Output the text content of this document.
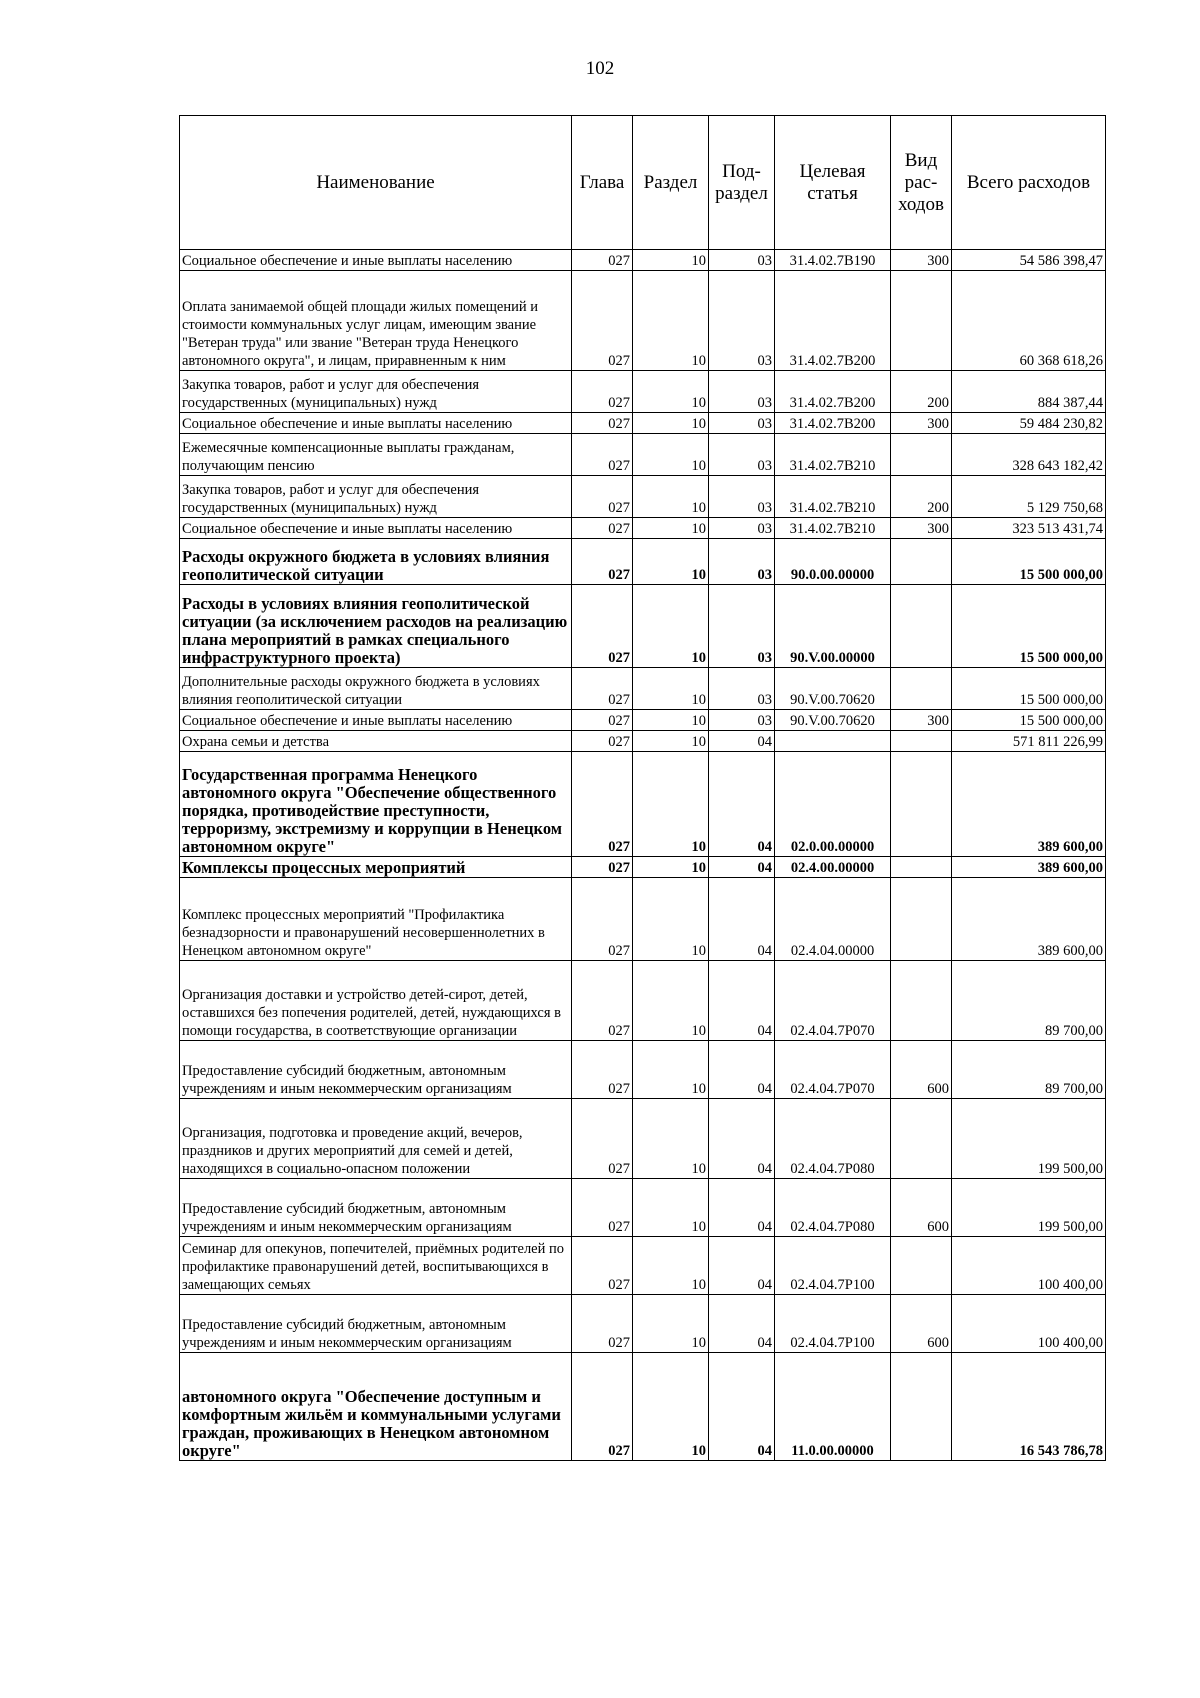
102
Наименование	Глава	Раздел	Под-раздел	Целевая статья	Вид рас-ходов	Всего расходов
Социальное обеспечение и иные выплаты населению	027	10	03	31.4.02.7В190	300	54 586 398,47
Оплата занимаемой общей площади жилых помещений и стоимости коммунальных услуг лицам, имеющим звание "Ветеран труда" или звание "Ветеран труда Ненецкого автономного округа", и лицам, приравненным к ним	027	10	03	31.4.02.7В200		60 368 618,26
Закупка товаров, работ и услуг для обеспечения государственных (муниципальных) нужд	027	10	03	31.4.02.7В200	200	884 387,44
Социальное обеспечение и иные выплаты населению	027	10	03	31.4.02.7В200	300	59 484 230,82
Ежемесячные компенсационные выплаты гражданам, получающим пенсию	027	10	03	31.4.02.7В210		328 643 182,42
Закупка товаров, работ и услуг для обеспечения государственных (муниципальных) нужд	027	10	03	31.4.02.7В210	200	5 129 750,68
Социальное обеспечение и иные выплаты населению	027	10	03	31.4.02.7В210	300	323 513 431,74
Расходы окружного бюджета в условиях влияния геополитической ситуации	027	10	03	90.0.00.00000		15 500 000,00
Расходы в условиях влияния геополитической ситуации (за исключением расходов на реализацию плана мероприятий в рамках специального инфраструктурного проекта)	027	10	03	90.V.00.00000		15 500 000,00
Дополнительные расходы окружного бюджета в условиях влияния геополитической ситуации	027	10	03	90.V.00.70620		15 500 000,00
Социальное обеспечение и иные выплаты населению	027	10	03	90.V.00.70620	300	15 500 000,00
Охрана семьи и детства	027	10	04			571 811 226,99
Государственная программа Ненецкого автономного округа "Обеспечение общественного порядка, противодействие преступности, терроризму, экстремизму и коррупции в Ненецком автономном округе"	027	10	04	02.0.00.00000		389 600,00
Комплексы процессных мероприятий	027	10	04	02.4.00.00000		389 600,00
Комплекс процессных мероприятий "Профилактика безнадзорности и правонарушений несовершеннолетних в Ненецком автономном округе"	027	10	04	02.4.04.00000		389 600,00
Организация доставки и устройство детей-сирот, детей, оставшихся без попечения родителей, детей, нуждающихся в помощи государства, в соответствующие организации	027	10	04	02.4.04.7Р070		89 700,00
Предоставление субсидий бюджетным, автономным учреждениям и иным некоммерческим организациям	027	10	04	02.4.04.7Р070	600	89 700,00
Организация, подготовка и проведение акций, вечеров, праздников и других мероприятий для семей и детей, находящихся в социально-опасном положении	027	10	04	02.4.04.7Р080		199 500,00
Предоставление субсидий бюджетным, автономным учреждениям и иным некоммерческим организациям	027	10	04	02.4.04.7Р080	600	199 500,00
Семинар для опекунов, попечителей, приёмных родителей по профилактике правонарушений детей, воспитывающихся в замещающих семьях	027	10	04	02.4.04.7Р100		100 400,00
Предоставление субсидий бюджетным, автономным учреждениям и иным некоммерческим организациям	027	10	04	02.4.04.7Р100	600	100 400,00
автономного округа "Обеспечение доступным и комфортным жильём и коммунальными услугами граждан, проживающих в Ненецком автономном округе"	027	10	04	11.0.00.00000		16 543 786,78
